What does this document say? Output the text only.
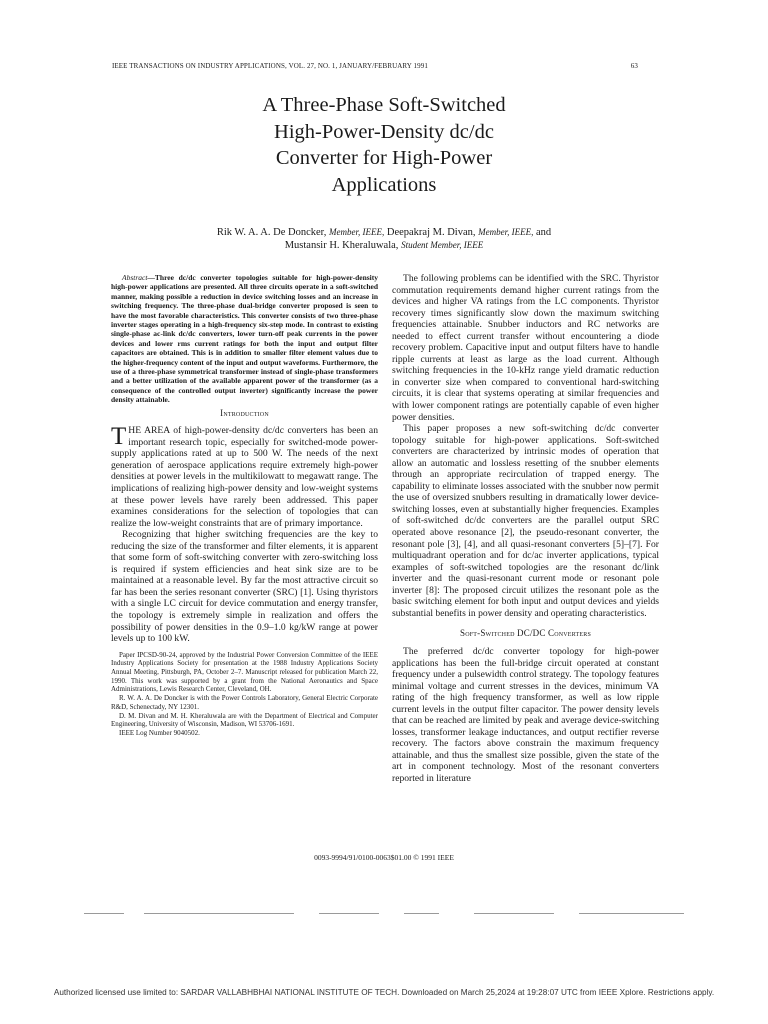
IEEE TRANSACTIONS ON INDUSTRY APPLICATIONS, VOL. 27, NO. 1, JANUARY/FEBRUARY 1991	63
A Three-Phase Soft-Switched
High-Power-Density dc/dc
Converter for High-Power
Applications
Rik W. A. A. De Doncker, Member, IEEE, Deepakraj M. Divan, Member, IEEE, and
Mustansir H. Kheraluwala, Student Member, IEEE

Abstract—Three dc/dc converter topologies suitable for high-power-density high-power applications are presented. All three circuits operate in a soft-switched manner, making possible a reduction in device switching losses and an increase in switching frequency. The three-phase dual-bridge converter proposed is seen to have the most favorable characteristics. This converter consists of two three-phase inverter stages operating in a high-frequency six-step mode. In contrast to existing single-phase ac-link dc/dc converters, lower turn-off peak currents in the power devices and lower rms current ratings for both the input and output filter capacitors are obtained. This is in addition to smaller filter element values due to the higher-frequency content of the input and output waveforms. Furthermore, the use of a three-phase symmetrical transformer instead of single-phase transformers and a better utilization of the available apparent power of the transformer (as a consequence of the controlled output inverter) significantly increase the power density attainable.

Introduction

THE AREA of high-power-density dc/dc converters has been an important research topic, especially for switched-mode power-supply applications rated at up to 500 W. The needs of the next generation of aerospace applications require extremely high-power densities at power levels in the multikilowatt to megawatt range. The implications of realizing high-power density and low-weight systems at these power levels have rarely been addressed. This paper examines considerations for the selection of topologies that can realize the low-weight constraints that are of primary importance.

Recognizing that higher switching frequencies are the key to reducing the size of the transformer and filter elements, it is apparent that some form of soft-switching converter with zero-switching loss is required if system efficiencies and heat sink size are to be maintained at a reasonable level. By far the most attractive circuit so far has been the series resonant converter (SRC) [1]. Using thyristors with a single LC circuit for device commutation and energy transfer, the topology is extremely simple in realization and offers the possibility of power densities in the 0.9–1.0 kg/kW range at power levels up to 100 kW.

Paper IPCSD-90-24, approved by the Industrial Power Conversion Committee of the IEEE Industry Applications Society for presentation at the 1988 Industry Applications Society Annual Meeting, Pittsburgh, PA, October 2–7. Manuscript released for publication March 22, 1990. This work was supported by a grant from the National Aeronautics and Space Administrations, Lewis Research Center, Cleveland, OH.

R. W. A. A. De Doncker is with the Power Controls Laboratory, General Electric Corporate R&D, Schenectady, NY 12301.

D. M. Divan and M. H. Kheraluwala are with the Department of Electrical and Computer Engineering, University of Wisconsin, Madison, WI 53706-1691.

IEEE Log Number 9040502.

The following problems can be identified with the SRC. Thyristor commutation requirements demand higher current ratings from the devices and higher VA ratings from the LC components. Thyristor recovery times significantly slow down the maximum switching frequencies attainable. Snubber inductors and RC networks are needed to effect current transfer without encountering a diode recovery problem. Capacitive input and output filters have to handle ripple currents at least as large as the load current. Although switching frequencies in the 10-kHz range yield dramatic reduction in converter size when compared to conventional hard-switching circuits, it is clear that systems operating at similar frequencies and with lower component ratings are potentially capable of even higher power densities.

This paper proposes a new soft-switching dc/dc converter topology suitable for high-power applications. Soft-switched converters are characterized by intrinsic modes of operation that allow an automatic and lossless resetting of the snubber elements through an appropriate recirculation of trapped energy. The capability to eliminate losses associated with the snubber now permit the use of oversized snubbers resulting in dramatically lower device-switching losses, even at substantially higher frequencies. Examples of soft-switched dc/dc converters are the parallel output SRC operated above resonance [2], the pseudo-resonant converter, the resonant pole [3], [4], and all quasi-resonant converters [5]–[7]. For multiquadrant operation and for dc/ac inverter applications, typical examples of soft-switched topologies are the resonant dc/link inverter and the quasi-resonant current mode or resonant pole inverter [8]: The proposed circuit utilizes the resonant pole as the basic switching element for both input and output devices and yields substantial benefits in power density and operating characteristics.

Soft-Switched DC/DC Converters

The preferred dc/dc converter topology for high-power applications has been the full-bridge circuit operated at constant frequency under a pulsewidth control strategy. The topology features minimal voltage and current stresses in the devices, minimum VA rating of the high frequency transformer, as well as low ripple current levels in the output filter capacitor. The power density levels that can be reached are limited by peak and average device-switching losses, transformer leakage inductances, and output rectifier reverse recovery. The factors above constrain the maximum frequency attainable, and thus the smallest size possible, given the state of the art in component technology. Most of the resonant converters reported in literature

0093-9994/91/0100-0063$01.00 © 1991 IEEE
Authorized licensed use limited to: SARDAR VALLABHBHAI NATIONAL INSTITUTE OF TECH. Downloaded on March 25,2024 at 19:28:07 UTC from IEEE Xplore. Restrictions apply.
